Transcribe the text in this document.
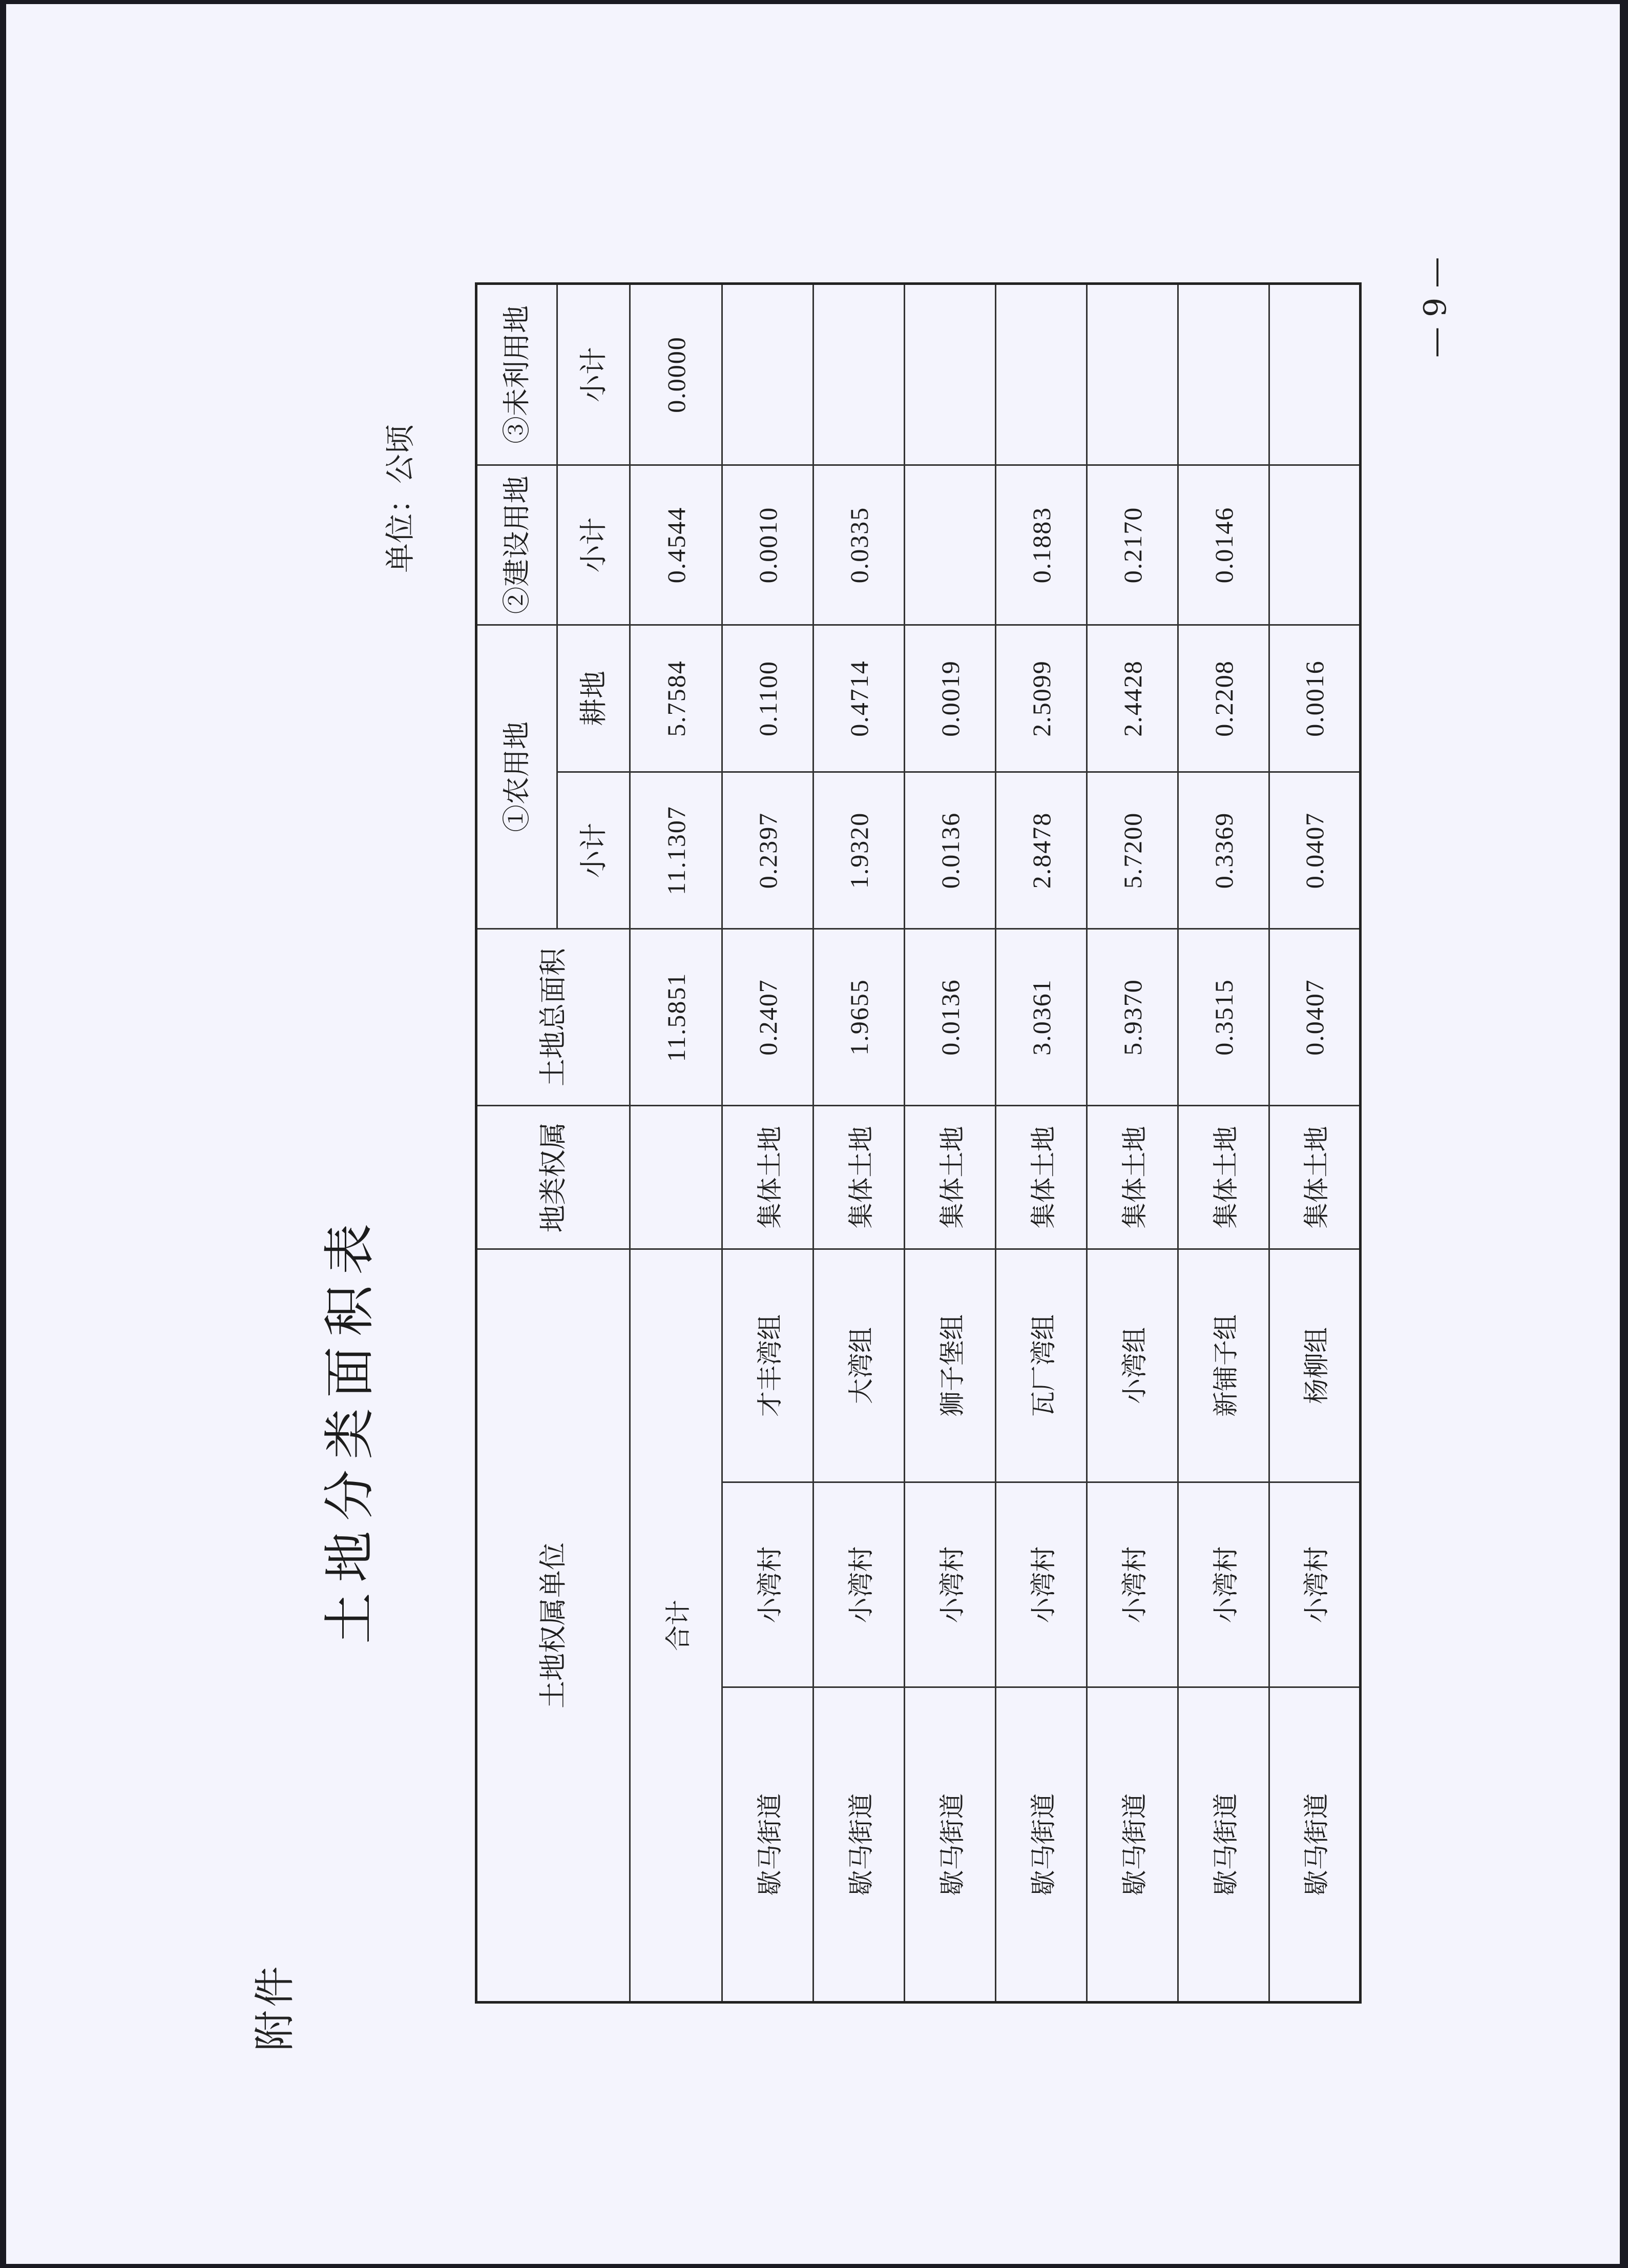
附件
土地分类面积表
单位：公顷
— 9 —
土地权属单位			地类权属	土地总面积	①农用地		②建设用地	③未利用地
					小计	耕地	小计	小计
合计				11.5851	11.1307	5.7584	0.4544	0.0000
歇马街道	小湾村	才丰湾组	集体土地	0.2407	0.2397	0.1100	0.0010	
歇马街道	小湾村	大湾组	集体土地	1.9655	1.9320	0.4714	0.0335	
歇马街道	小湾村	狮子堡组	集体土地	0.0136	0.0136	0.0019		
歇马街道	小湾村	瓦厂湾组	集体土地	3.0361	2.8478	2.5099	0.1883	
歇马街道	小湾村	小湾组	集体土地	5.9370	5.7200	2.4428	0.2170	
歇马街道	小湾村	新铺子组	集体土地	0.3515	0.3369	0.2208	0.0146	
歇马街道	小湾村	杨柳组	集体土地	0.0407	0.0407	0.0016		
